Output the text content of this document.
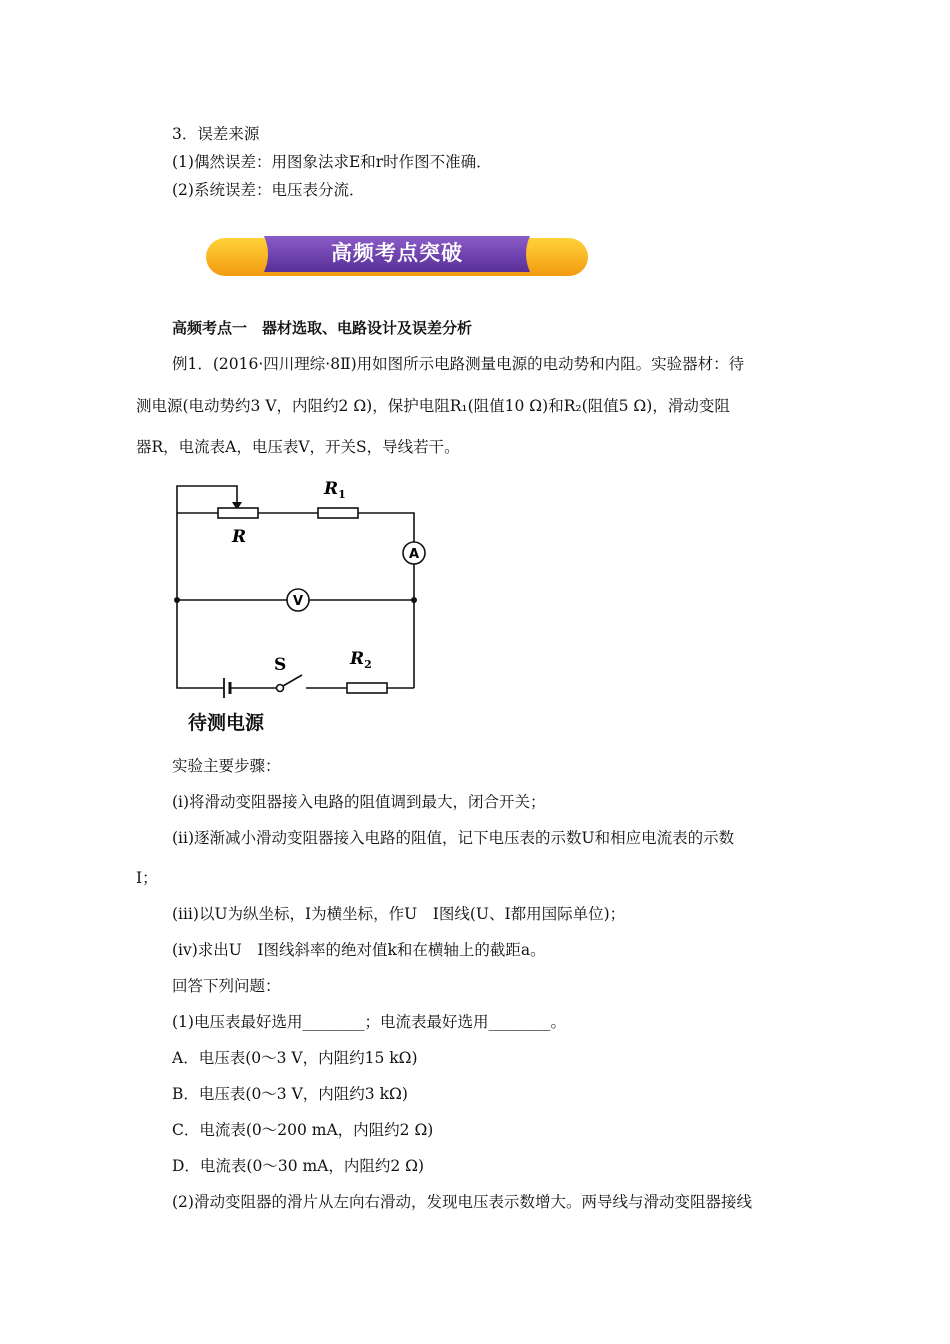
3．误差来源
(1)偶然误差：用图象法求E和r时作图不准确．
(2)系统误差：电压表分流．
高频考点突破
高频考点一　器材选取、电路设计及误差分析
例1．(2016·四川理综·8Ⅱ)用如图所示电路测量电源的电动势和内阻。实验器材：待
测电源(电动势约3 V，内阻约2 Ω)，保护电阻R₁(阻值10 Ω)和R₂(阻值5 Ω)，滑动变阻
器R，电流表A，电压表V，开关S，导线若干。
$R_1$
R
A
V
S	$R_2$
待测电源
实验主要步骤：
(ⅰ)将滑动变阻器接入电路的阻值调到最大，闭合开关；
(ⅱ)逐渐减小滑动变阻器接入电路的阻值，记下电压表的示数U和相应电流表的示数
I；
(ⅲ)以U为纵坐标，I为横坐标，作U　I图线(U、I都用国际单位)；
(ⅳ)求出U　I图线斜率的绝对值k和在横轴上的截距a。
回答下列问题：
(1)电压表最好选用________；电流表最好选用________。
A．电压表(0～3 V，内阻约15 kΩ)
B．电压表(0～3 V，内阻约3 kΩ)
C．电流表(0～200 mA，内阻约2 Ω)
D．电流表(0～30 mA，内阻约2 Ω)
(2)滑动变阻器的滑片从左向右滑动，发现电压表示数增大。两导线与滑动变阻器接线
